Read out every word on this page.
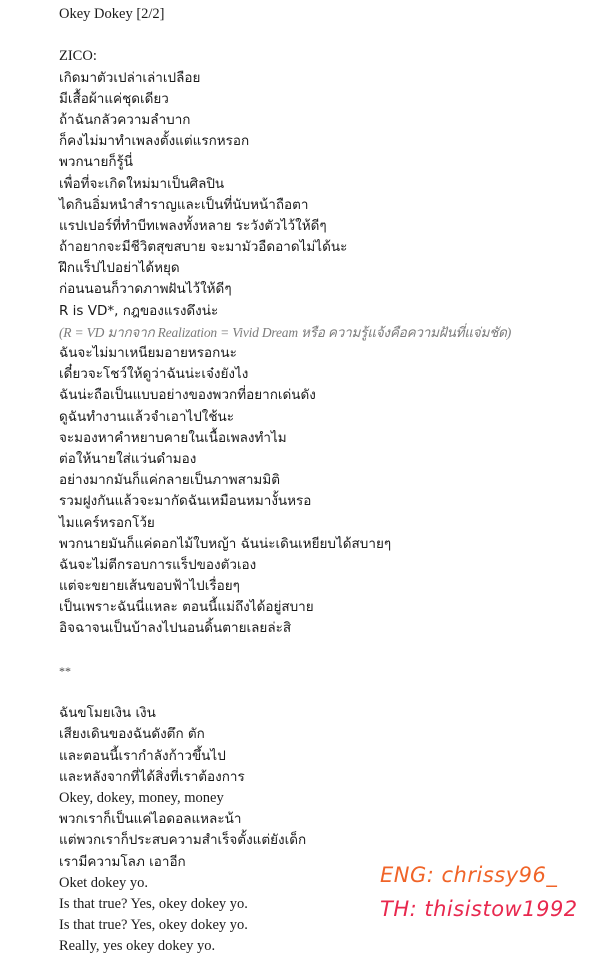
Okey Dokey [2/2]
ZICO:
เกิดมาตัวเปล่าเล่าเปลือย
มีเสื้อผ้าแค่ชุดเดียว
ถ้าฉันกลัวความลำบาก
ก็คงไม่มาทำเพลงตั้งแต่แรกหรอก
พวกนายก็รู้นี่
เพื่อที่จะเกิดใหม่มาเป็นศิลปิน
ไดกินอิ่มหนำสำราญและเป็นที่นับหน้าถือตา
แรปเปอร์ที่ทำบีทเพลงทั้งหลาย ระวังตัวไว้ให้ดีๆ
ถ้าอยากจะมีชีวิตสุขสบาย จะมามัวอืดอาดไม่ได้นะ
ฝึกแร็ปไปอย่าได้หยุด
ก่อนนอนก็วาดภาพฝันไว้ให้ดีๆ
R is VD*, กฎของแรงดึงน่ะ
(R = VD มากจาก Realization = Vivid Dream หรือ ความรู้แจ้งคือความฝันที่แจ่มชัด)
ฉันจะไม่มาเหนียมอายหรอกนะ
เดี๋ยวจะโชว์ให้ดูว่าฉันน่ะเจ๋งยังไง
ฉันน่ะถือเป็นแบบอย่างของพวกที่อยากเด่นดัง
ดูฉันทำงานแล้วจำเอาไปใช้นะ
จะมองหาคำหยาบคายในเนื้อเพลงทำไม
ต่อให้นายใส่แว่นดำมอง
อย่างมากมันก็แค่กลายเป็นภาพสามมิติ
รวมฝูงกันแล้วจะมากัดฉันเหมือนหมางั้นหรอ
ไมแคร์หรอกโว้ย
พวกนายมันก็แค่ดอกไม้ใบหญ้า ฉันน่ะเดินเหยียบได้สบายๆ
ฉันจะไม่ตีกรอบการแร็ปของตัวเอง
แต่จะขยายเส้นขอบฟ้าไปเรื่อยๆ
เป็นเพราะฉันนี่แหละ ตอนนี้แม่ถึงได้อยู่สบาย
อิจฉาจนเป็นบ้าลงไปนอนดิ้นตายเลยล่ะสิ
**
ฉันขโมยเงิน เงิน
เสียงเดินของฉันดังตึก ตัก
และตอนนี้เรากำลังก้าวขึ้นไป
และหลังจากที่ได้สิ่งที่เราต้องการ
Okey, dokey, money, money
พวกเราก็เป็นแค่ไอดอลแหละน้า
แต่พวกเราก็ประสบความสำเร็จตั้งแต่ยังเด็ก
เรามีความโลภ เอาอีก
Oket dokey yo.
Is that true? Yes, okey dokey yo.
Is that true? Yes, okey dokey yo.
Really, yes okey dokey yo.
ENG: chrissy96_
TH: thisistow1992
